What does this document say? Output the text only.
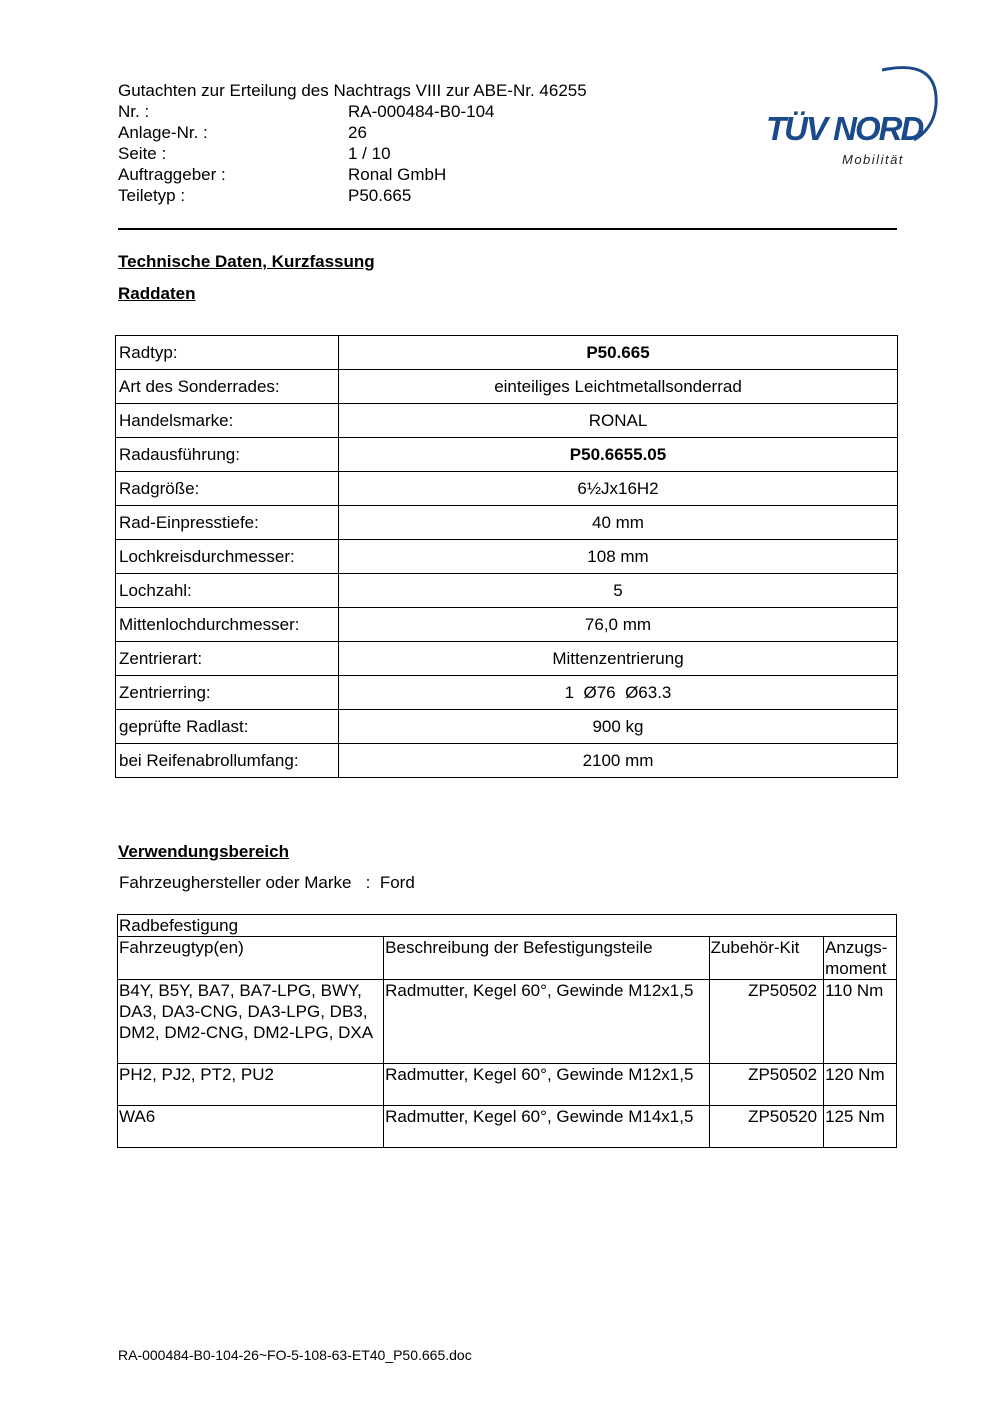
Gutachten zur Erteilung des Nachtrags VIII zur ABE-Nr. 46255
Nr. :	RA-000484-B0-104
Anlage-Nr. :	26
Seite :	1 / 10
Auftraggeber :	Ronal GmbH
Teiletyp :	P50.665
TÜV NORD
Mobilität
Technische Daten, Kurzfassung
Raddaten
Radtyp:	P50.665
Art des Sonderrades:	einteiliges Leichtmetallsonderrad
Handelsmarke:	RONAL
Radausführung:	P50.6655.05
Radgröße:	6½Jx16H2
Rad-Einpresstiefe:	40 mm
Lochkreisdurchmesser:	108 mm
Lochzahl:	5
Mittenlochdurchmesser:	76,0 mm
Zentrierart:	Mittenzentrierung
Zentrierring:	1  Ø76  Ø63.3
geprüfte Radlast:	900 kg
bei Reifenabrollumfang:	2100 mm
Verwendungsbereich
Fahrzeughersteller oder Marke : Ford
Radbefestigung			
Fahrzeugtyp(en)	Beschreibung der Befestigungsteile	Zubehör-Kit	Anzugs-moment
B4Y, B5Y, BA7, BA7-LPG, BWY, DA3, DA3-CNG, DA3-LPG, DB3, DM2, DM2-CNG, DM2-LPG, DXA	Radmutter, Kegel 60°, Gewinde M12x1,5	ZP50502	110 Nm
PH2, PJ2, PT2, PU2	Radmutter, Kegel 60°, Gewinde M12x1,5	ZP50502	120 Nm
WA6	Radmutter, Kegel 60°, Gewinde M14x1,5	ZP50520	125 Nm
RA-000484-B0-104-26~FO-5-108-63-ET40_P50.665.doc
